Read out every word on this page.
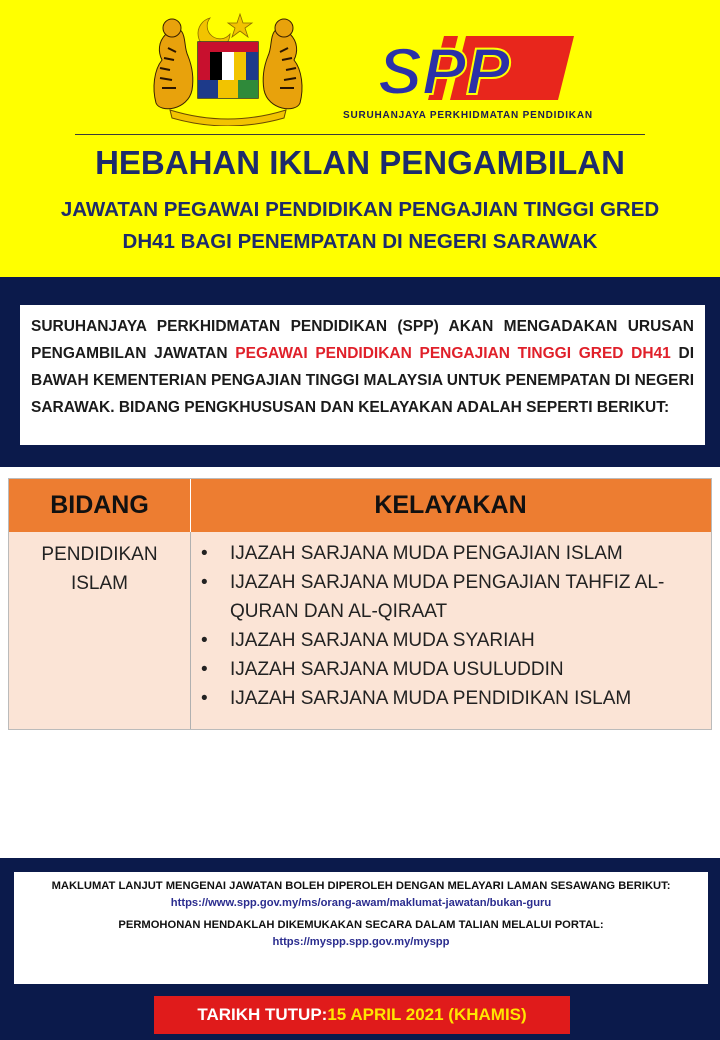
SPP
SURUHANJAYA PERKHIDMATAN PENDIDIKAN
HEBAHAN IKLAN PENGAMBILAN
JAWATAN PEGAWAI PENDIDIKAN PENGAJIAN TINGGI GRED
DH41 BAGI PENEMPATAN DI NEGERI SARAWAK

SURUHANJAYA PERKHIDMATAN PENDIDIKAN (SPP) AKAN MENGADAKAN URUSAN PENGAMBILAN JAWATAN PEGAWAI PENDIDIKAN PENGAJIAN TINGGI GRED DH41 DI BAWAH KEMENTERIAN PENGAJIAN TINGGI MALAYSIA UNTUK PENEMPATAN DI NEGERI SARAWAK. BIDANG PENGKHUSUSAN DAN KELAYAKAN ADALAH SEPERTI BERIKUT:

BIDANG	KELAYAKAN
PENDIDIKAN
ISLAM
• IJAZAH SARJANA MUDA PENGAJIAN ISLAM
• IJAZAH SARJANA MUDA PENGAJIAN TAHFIZ AL-QURAN DAN AL-QIRAAT
• IJAZAH SARJANA MUDA SYARIAH
• IJAZAH SARJANA MUDA USULUDDIN
• IJAZAH SARJANA MUDA PENDIDIKAN ISLAM
MAKLUMAT LANJUT MENGENAI JAWATAN BOLEH DIPEROLEH DENGAN MELAYARI LAMAN SESAWANG BERIKUT:
https://www.spp.gov.my/ms/orang-awam/maklumat-jawatan/bukan-guru
PERMOHONAN HENDAKLAH DIKEMUKAKAN SECARA DALAM TALIAN MELALUI PORTAL:
https://myspp.spp.gov.my/myspp
TARIKH TUTUP:15 APRIL 2021 (KHAMIS)
